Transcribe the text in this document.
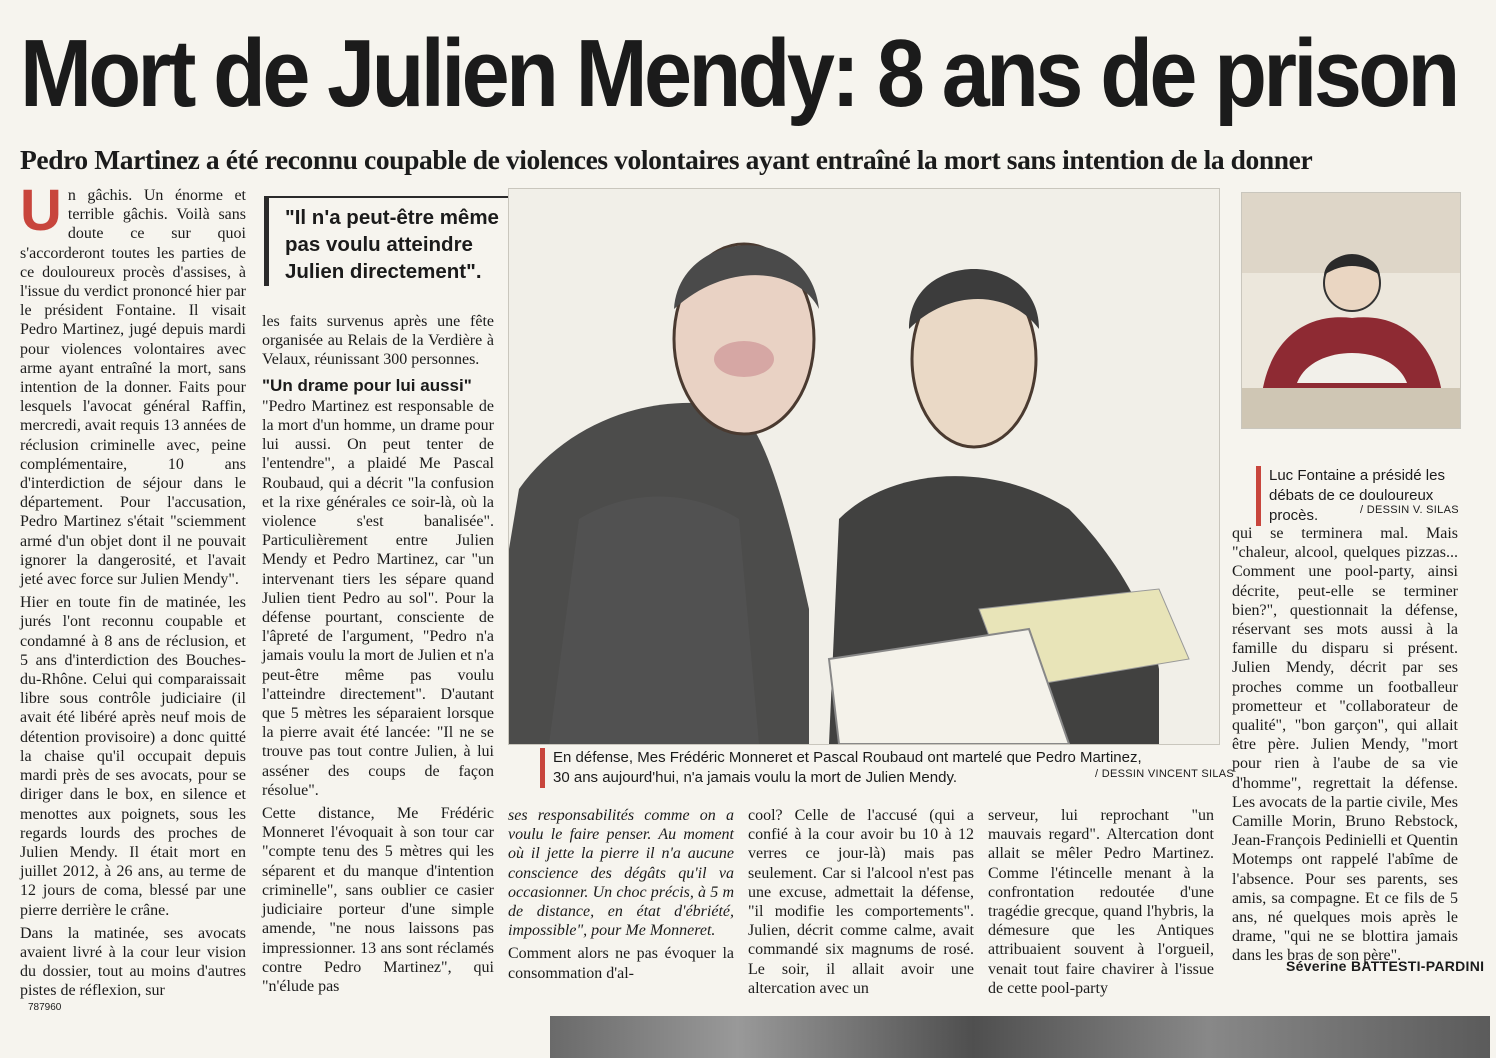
Mort de Julien Mendy: 8 ans de prison
Pedro Martinez a été reconnu coupable de violences volontaires ayant entraîné la mort sans intention de la donner
U n gâchis. Un énorme et terrible gâchis. Voilà sans doute ce sur quoi s'accorderont toutes les parties de ce douloureux procès d'assises, à l'issue du verdict prononcé hier par le président Fontaine. Il visait Pedro Martinez, jugé depuis mardi pour violences volontaires avec arme ayant entraîné la mort, sans intention de la donner. Faits pour lesquels l'avocat général Raffin, mercredi, avait requis 13 années de réclusion criminelle avec, peine complémentaire, 10 ans d'interdiction de séjour dans le département. Pour l'accusation, Pedro Martinez s'était "sciemment armé d'un objet dont il ne pouvait ignorer la dangerosité, et l'avait jeté avec force sur Julien Mendy".

Hier en toute fin de matinée, les jurés l'ont reconnu coupable et condamné à 8 ans de réclusion, et 5 ans d'interdiction des Bouches-du-Rhône. Celui qui comparaissait libre sous contrôle judiciaire (il avait été libéré après neuf mois de détention provisoire) a donc quitté la chaise qu'il occupait depuis mardi près de ses avocats, pour se diriger dans le box, en silence et menottes aux poignets, sous les regards lourds des proches de Julien Mendy. Il était mort en juillet 2012, à 26 ans, au terme de 12 jours de coma, blessé par une pierre derrière le crâne.

Dans la matinée, ses avocats avaient livré à la cour leur vision du dossier, tout au moins d'autres pistes de réflexion, sur

"Il n'a peut-être même pas voulu atteindre Julien directement".

les faits survenus après une fête organisée au Relais de la Verdière à Velaux, réunissant 300 personnes.

"Un drame pour lui aussi"

"Pedro Martinez est responsable de la mort d'un homme, un drame pour lui aussi. On peut tenter de l'entendre", a plaidé Me Pascal Roubaud, qui a décrit "la confusion et la rixe générales ce soir-là, où la violence s'est banalisée". Particulièrement entre Julien Mendy et Pedro Martinez, car "un intervenant tiers les sépare quand Julien tient Pedro au sol". Pour la défense pourtant, consciente de l'âpreté de l'argument, "Pedro n'a jamais voulu la mort de Julien et n'a peut-être même pas voulu l'atteindre directement". D'autant que 5 mètres les séparaient lorsque la pierre avait été lancée: "Il ne se trouve pas tout contre Julien, à lui asséner des coups de façon résolue".

Cette distance, Me Frédéric Monneret l'évoquait à son tour car "compte tenu des 5 mètres qui les séparent et du manque d'intention criminelle", sans oublier ce casier judiciaire porteur d'une simple amende, "ne nous laissons pas impressionner. 13 ans sont réclamés contre Pedro Martinez", qui "n'élude pas

En défense, Mes Frédéric Monneret et Pascal Roubaud ont martelé que Pedro Martinez, 30 ans aujourd'hui, n'a jamais voulu la mort de Julien Mendy.	/ DESSIN VINCENT SILAS
Luc Fontaine a présidé les débats de ce douloureux procès.	/ DESSIN V. SILAS

ses responsabilités comme on a voulu le faire penser. Au moment où il jette la pierre il n'a aucune conscience des dégâts qu'il va occasionner. Un choc précis, à 5 m de distance, en état d'ébriété, impossible", pour Me Monneret.

Comment alors ne pas évoquer la consommation d'al-

cool? Celle de l'accusé (qui a confié à la cour avoir bu 10 à 12 verres ce jour-là) mais pas seulement. Car si l'alcool n'est pas une excuse, admettait la défense, "il modifie les comportements". Julien, décrit comme calme, avait commandé six magnums de rosé. Le soir, il allait avoir une altercation avec un

serveur, lui reprochant "un mauvais regard". Altercation dont allait se mêler Pedro Martinez. Comme l'étincelle menant à la confrontation redoutée d'une tragédie grecque, quand l'hybris, la démesure que les Antiques attribuaient souvent à l'orgueil, venait tout faire chavirer à l'issue de cette pool-party

qui se terminera mal. Mais "chaleur, alcool, quelques pizzas... Comment une pool-party, ainsi décrite, peut-elle se terminer bien?", questionnait la défense, réservant ses mots aussi à la famille du disparu si présent. Julien Mendy, décrit par ses proches comme un footballeur prometteur et "collaborateur de qualité", "bon garçon", qui allait être père. Julien Mendy, "mort pour rien à l'aube de sa vie d'homme", regrettait la défense. Les avocats de la partie civile, Mes Camille Morin, Bruno Rebstock, Jean-François Pedinielli et Quentin Motemps ont rappelé l'abîme de l'absence. Pour ses parents, ses amis, sa compagne. Et ce fils de 5 ans, né quelques mois après le drame, "qui ne se blottira jamais dans les bras de son père".

Séverine BATTESTI-PARDINI
787960
